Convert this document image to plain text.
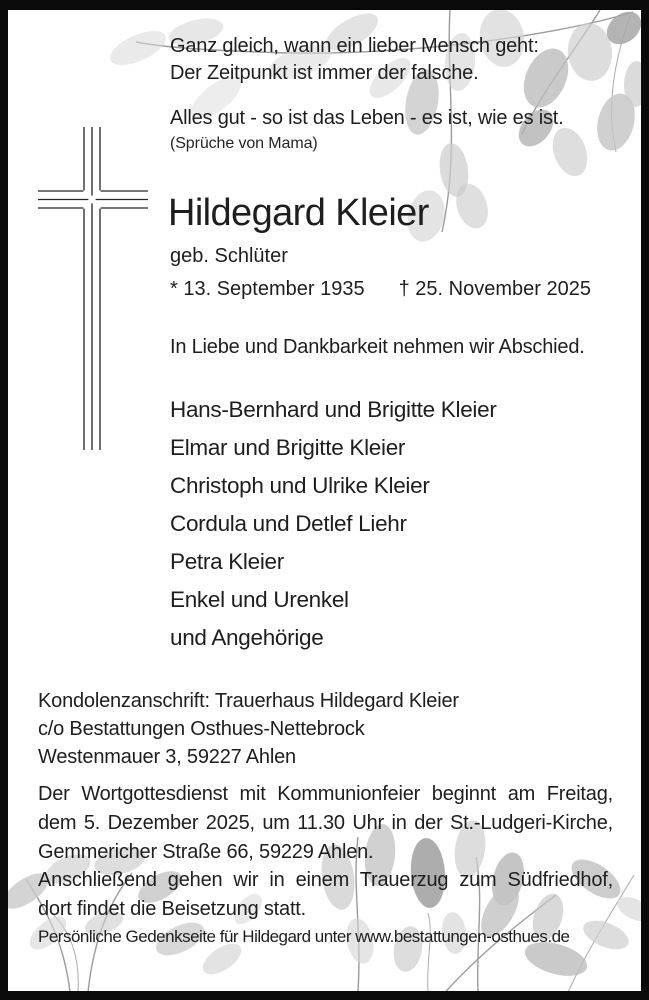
Ganz gleich, wann ein lieber Mensch geht:
Der Zeitpunkt ist immer der falsche.
Alles gut - so ist das Leben - es ist, wie es ist.
(Sprüche von Mama)
Hildegard Kleier
geb. Schlüter
* 13. September 1935 † 25. November 2025
In Liebe und Dankbarkeit nehmen wir Abschied.
Hans-Bernhard und Brigitte Kleier
Elmar und Brigitte Kleier
Christoph und Ulrike Kleier
Cordula und Detlef Liehr
Petra Kleier
Enkel und Urenkel
und Angehörige
Kondolenzanschrift: Trauerhaus Hildegard Kleier
c/o Bestattungen Osthues-Nettebrock
Westenmauer 3, 59227 Ahlen
Der Wortgottesdienst mit Kommunionfeier beginnt am Freitag,
dem 5. Dezember 2025, um 11.30 Uhr in der St.-Ludgeri-Kirche,
Gemmericher Straße 66, 59229 Ahlen.
Anschließend gehen wir in einem Trauerzug zum Südfriedhof,
dort findet die Beisetzung statt.
Persönliche Gedenkseite für Hildegard unter www.bestattungen-osthues.de
